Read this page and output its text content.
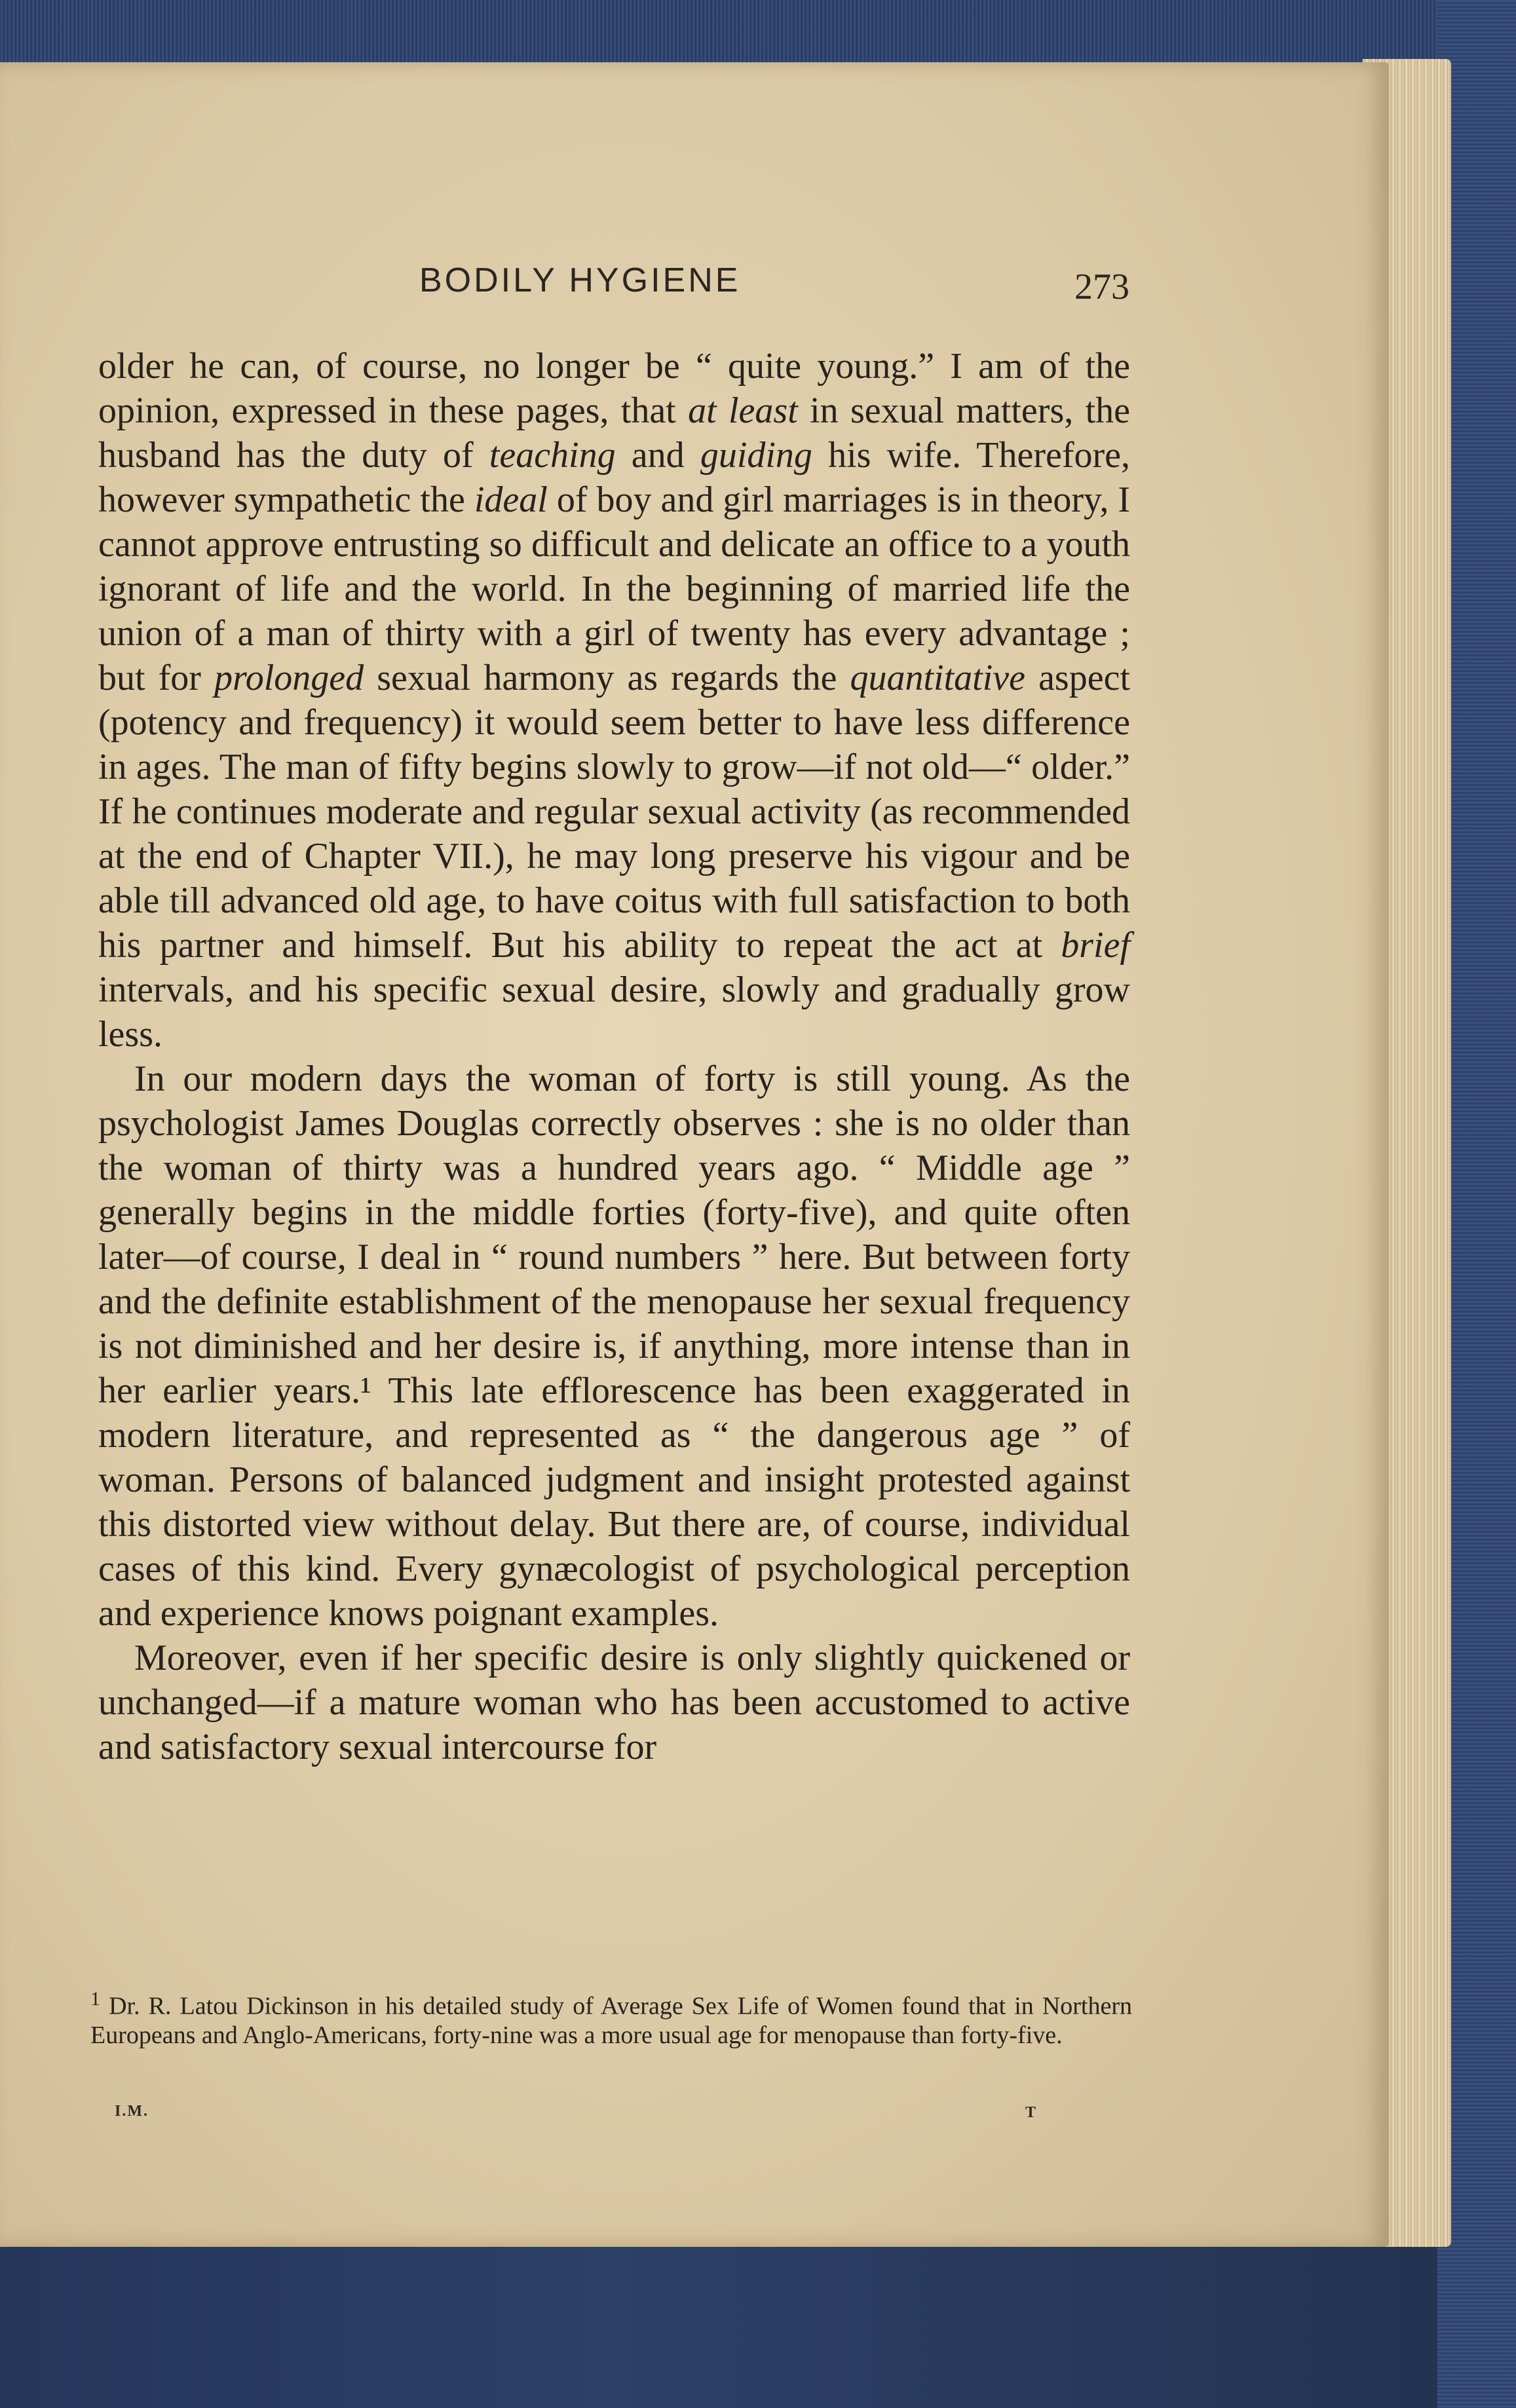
BODILY HYGIENE	273

older he can, of course, no longer be “ quite young.” I am of the opinion, expressed in these pages, that at least in sexual matters, the husband has the duty of teaching and guiding his wife. Therefore, however sympathetic the ideal of boy and girl marriages is in theory, I cannot approve entrusting so difficult and delicate an office to a youth ignorant of life and the world. In the beginning of married life the union of a man of thirty with a girl of twenty has every advantage ; but for prolonged sexual harmony as regards the quantitative aspect (potency and frequency) it would seem better to have less difference in ages. The man of fifty begins slowly to grow—if not old—“ older.” If he continues moderate and regular sexual activity (as recommended at the end of Chapter VII.), he may long preserve his vigour and be able till advanced old age, to have coitus with full satisfaction to both his partner and himself. But his ability to repeat the act at brief intervals, and his specific sexual desire, slowly and gradually grow less.

In our modern days the woman of forty is still young. As the psychologist James Douglas correctly observes : she is no older than the woman of thirty was a hundred years ago. “ Middle age ” generally begins in the middle forties (forty-five), and quite often later—of course, I deal in “ round numbers ” here. But between forty and the definite establishment of the menopause her sexual frequency is not diminished and her desire is, if anything, more intense than in her earlier years.¹ This late efflorescence has been exaggerated in modern literature, and represented as “ the dangerous age ” of woman. Persons of balanced judgment and insight protested against this distorted view without delay. But there are, of course, individual cases of this kind. Every gynæcologist of psychological perception and experience knows poignant examples.

Moreover, even if her specific desire is only slightly quickened or unchanged—if a mature woman who has been accustomed to active and satisfactory sexual intercourse for

$^1$ Dr. R. Latou Dickinson in his detailed study of Average Sex Life of Women found that in Northern Europeans and Anglo-Americans, forty-nine was a more usual age for menopause than forty-five.
I.M.	T
